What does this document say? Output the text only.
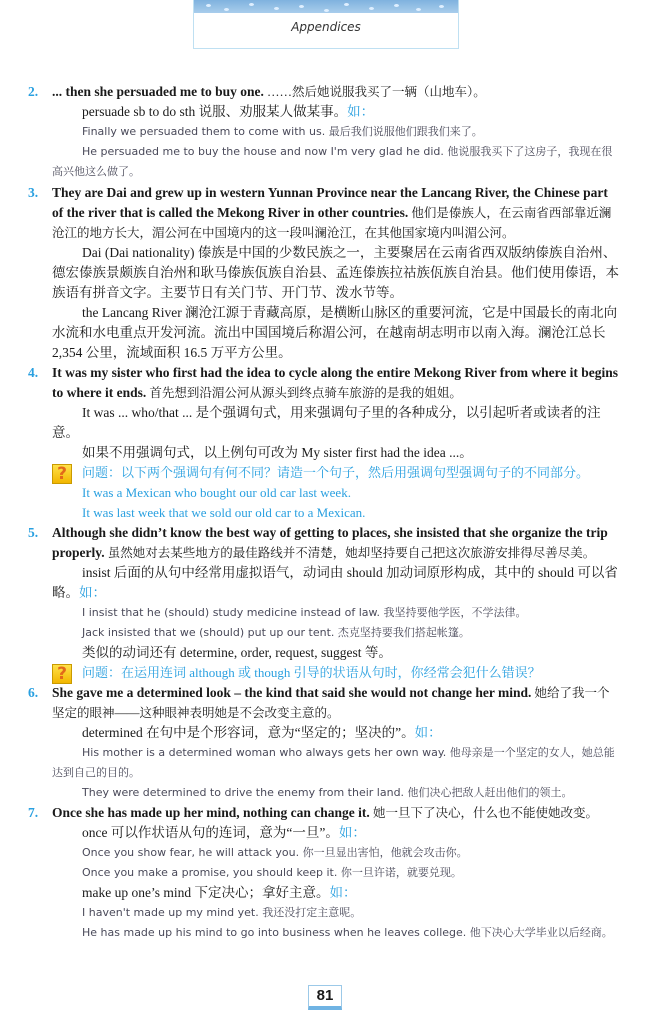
Appendices

2. ... then she persuaded me to buy one. ……然后她说服我买了一辆（山地车）。

persuade sb to do sth 说服、劝服某人做某事。如：

Finally we persuaded them to come with us. 最后我们说服他们跟我们来了。

He persuaded me to buy the house and now I'm very glad he did. 他说服我买下了这房子，我现在很高兴他这么做了。

3. They are Dai and grew up in western Yunnan Province near the Lancang River, the Chinese part of the river that is called the Mekong River in other countries. 他们是傣族人，在云南省西部靠近澜沧江的地方长大，湄公河在中国境内的这一段叫澜沧江，在其他国家境内叫湄公河。

Dai (Dai nationality) 傣族是中国的少数民族之一，主要聚居在云南省西双版纳傣族自治州、德宏傣族景颇族自治州和耿马傣族佤族自治县、孟连傣族拉祜族佤族自治县。他们使用傣语，本族语有拼音文字。主要节日有关门节、开门节、泼水节等。

the Lancang River 澜沧江源于青藏高原，是横断山脉区的重要河流，它是中国最长的南北向水流和水电重点开发河流。流出中国国境后称湄公河，在越南胡志明市以南入海。澜沧江总长 2,354 公里，流域面积 16.5 万平方公里。

4. It was my sister who first had the idea to cycle along the entire Mekong River from where it begins to where it ends. 首先想到沿湄公河从源头到终点骑车旅游的是我的姐姐。

It was ... who/that ... 是个强调句式，用来强调句子里的各种成分，以引起听者或读者的注意。

如果不用强调句式，以上例句可改为 My sister first had the idea ...。

?	问题：以下两个强调句有何不同？请造一个句子，然后用强调句型强调句子的不同部分。

It was a Mexican who bought our old car last week.

It was last week that we sold our old car to a Mexican.

5. Although she didn’t know the best way of getting to places, she insisted that she organize the trip properly. 虽然她对去某些地方的最佳路线并不清楚，她却坚持要自己把这次旅游安排得尽善尽美。

insist 后面的从句中经常用虚拟语气，动词由 should 加动词原形构成，其中的 should 可以省略。如：

I insist that he (should) study medicine instead of law. 我坚持要他学医，不学法律。

Jack insisted that we (should) put up our tent. 杰克坚持要我们搭起帐篷。

类似的动词还有 determine, order, request, suggest 等。

?	问题：在运用连词 although 或 though 引导的状语从句时，你经常会犯什么错误？

6. She gave me a determined look – the kind that said she would not change her mind. 她给了我一个坚定的眼神——这种眼神表明她是不会改变主意的。

determined 在句中是个形容词，意为“坚定的；坚决的”。如：

His mother is a determined woman who always gets her own way. 他母亲是一个坚定的女人，她总能达到自己的目的。

They were determined to drive the enemy from their land. 他们决心把敌人赶出他们的领土。

7. Once she has made up her mind, nothing can change it. 她一旦下了决心，什么也不能使她改变。

once 可以作状语从句的连词，意为“一旦”。如：

Once you show fear, he will attack you. 你一旦显出害怕，他就会攻击你。

Once you make a promise, you should keep it. 你一旦许诺，就要兑现。

make up one’s mind 下定决心；拿好主意。如：

I haven't made up my mind yet. 我还没打定主意呢。

He has made up his mind to go into business when he leaves college. 他下决心大学毕业以后经商。

81
